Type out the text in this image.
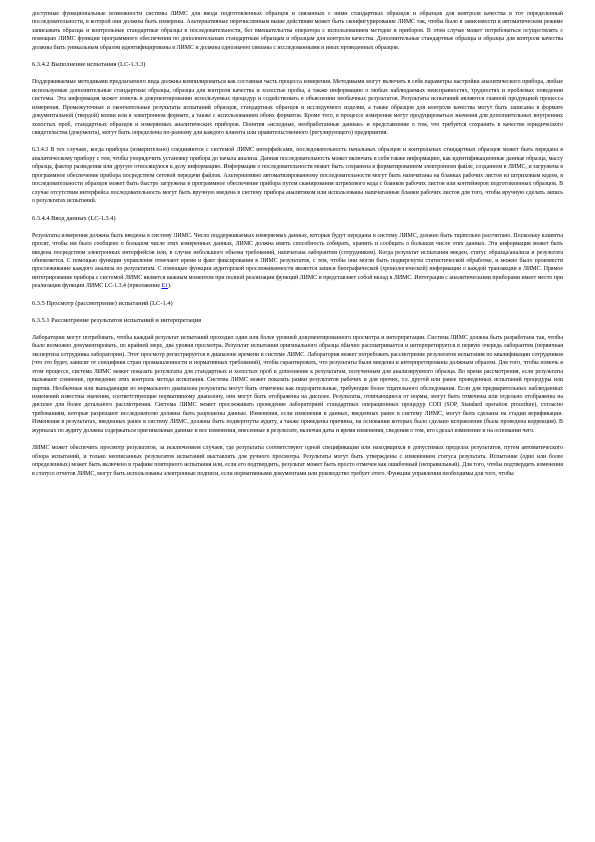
доступные функциональные возможности системы ЛИМС для ввода подготовленных образцов и связанных с ними стандартных образцов и образцов для контроля качества в тот определенный последовательности, в которой они должны быть измерены. Альтернативные перечисленным выше действиям может быть сконфигурирование ЛИМС так, чтобы было в зависимости в автоматическом режиме записывать образцы и контрольные стандартные образцы в последовательности, без вмешательства оператора с использованием методов и приборов. В этом случае может потребоваться осуществлять с помощью ЛИМС функции программного обеспечения по дополнительным стандартным образцам и образцам для контроля качества. Дополнительные стандартные образцы и образцы для контроля качества должны быть уникальным образом идентифицированы в ЛИМС и должны однозначно связаны с исследованными и иных проведенных образцов.

6.3.4.2 Выполнение испытания (LC-1.3.3)

Поддерживаемые методиками предлагаемого вида должны компилироваться как составная часть процесса измерения. Методиками могут включать в себя параметры настройки аналитического прибора, любые используемые дополнительные стандартные образцы, образцы для контроля качества и холостые пробы, а также информацию о любых наблюдаемых неисправностях, трудностях и проблемах поведении системы. Эта информация может помочь в документировании используемых процедур и содействовать в объяснении необычных результатов. Результаты испытаний являются главной продукцией процесса измерения. Промежуточные и окончательные результаты испытаний образцов, стандартных образцов и исследуемого изделия, а также образцов для контроля качества могут быть записаны в формате документальной (твердой) копии или в электронном формате, а также с использованием обоих форматов. Кроме того, в процессе измерения могут продуцироваться значения для дополнительных внутренних холостых проб, стандартных образцов и измеряемых аналитических приборов. Понятия «исходные, необработанные данные» и представление о том, что требуется сохранить в качестве юридического свидетельства (документа), могут быть определены по-разному для каждого клиента или правительственного (регулирующего) предприятия.

6.3.4.3 В тех случаях, когда приборы (измерительно) соединяются с системой ЛИМС интерфейсами, последовательность начальных образцов и контрольных стандартных образцов может быть передана в аналитическому прибору с тем, чтобы упорядочить установку прибора до начала анализа. Данная последовательность может включать в себя также информацию, как идентификационные данные образца, массу образца, фактор разведения или другую относящуюся к делу информацию. Информация о последовательности может быть сохранена в форматированном электронном файле, созданном в ЛИМС, и загружена в программное обеспечение прибора посредством сетевой передачи файлов. Альтернативно автоматизированному последовательности могут быть напечатаны на бланках рабочих листов из штриховым кодом, в последовательности образцов может быть быстро загружена в программное обеспечение прибора путем сканирования штрихового кода с бланков рабочих листов или контейнеров подготовленных образцов. В случае отсутствия интерфейса последовательность могут быть вручную введена в систему прибора аналитиком или использованы напечатанные бланки рабочих листов для того, чтобы вручную сделать запись о результатах испытаний.

6.3.4.4 Ввод данных (LC-1.3.4)

Результаты измерения должны быть введены в систему ЛИМС. Число поддерживаемых измеряемых данных, которые будут переданы в систему ЛИМС, должно быть тщательно рассчитано. Поскольку клиенты просят, чтобы им было сообщено о большом числе этих измеренных данных, ЛИМС должна иметь способность собирать, хранить и сообщать о большом числе этих данных. Эта информация может быть введена посредством электронных интерфейсов или, в случае небольшого объема требований, напечатана лаборантом (сотрудником). Когда результат испытания введен, статус образца/анализа и результата обновляется. С помощью функции управления отмечают время и факт фиксирования в ЛИМС результатов, с тем, чтобы они могли быть подвергнуты статистической обработке, и можно было произвести прослеживание каждого анализа по результатам. С помощью функции аудиторской прослеживаемости является записи биографической (хронологической) информации о каждой транзакции в ЛИМС. Прямое интегрирование прибора с системой ЛИМС является важным моментом при полной реализации функций ЛИМС и представляет собой вклад в ЛИМС. Интеграция с аналитическими приборами имеет место при реализации функции ЛИМС LC-1.3.4 (приложение E1).

6.3.5 Просмотр (рассмотрение) испытаний (LC-1.4)
6.3.5.1 Рассмотрение результатов испытаний и интерпретация

Лаборатории могут потребовать, чтобы каждый результат испытаний проходил один или более уровней документированного просмотра и интерпретации. Система ЛИМС должна быть разработана так, чтобы было возможно документировать, по крайней мере, два уровня просмотра. Результат испытания оригинального образца обычно рассматривается и интерпретируется в первую очередь лаборантом (первичная экспертиза сотрудника лаборатории). Этот просмотр регистрируется в диапазоне времени в системе ЛИМС. Лаборатория может потребовать рассмотрение результатов испытания по квалификации сотрудников (что это будет, зависит от специфики стран промышленности и нормативных требований), чтобы гарантировать, что результаты были введены и интерпретированы должным образом. Для того, чтобы помочь в этом процессе, система ЛИМС может показать результаты для стандартных и холостых проб в дополнение к результатам, полученным для анализируемого образца. Во время рассмотрения, если результаты вызывают сомнение, проведение этих контроль метода испытания. Система ЛИМС может показать рамки результатов рабочих и для прочих, т.е. другой или ранее проведенных испытаний процедуры или партии. Необычные или выпадающие из нормального диапазона результаты могут быть отмечены как подозрительные, требующие более тщательного обследования. Если для предварительных наблюдаемых изменений известны значения, соответствующие нормативному диапазону, они могут быть отображены на дисплее. Результаты, отличающиеся от нормы, могут быть отмечены или отдельно отображены на дисплее для более детального рассмотрения. Система ЛИМС может прослеживать проведение лабораторией стандартных операционных процедур СОП (SOP, Standard operation procedure), согласно требованиям, которые разрешают исследователю должны быть разрешены данные. Изменения, если изменения в данных, введенных ранее в систему ЛИМС, могут быть сделаны на стадии верификации. Изменения в результатах, введенных ранее в систему ЛИМС, должны быть подвергнуты аудиту, а также приведены причины, на основании которых было сделано исправление (была проведена коррекция). В журналах по аудиту должны содержаться оригинальные данные и все изменения, внесенные в результате, включая даты и время изменения, сведения о том, кто сделал изменение и на основании чего.

ЛИМС может обеспечить просмотр результатов, за исключением случаев, где результаты соответствуют одной спецификации или находящихся в допустимых пределах результатов, путем автоматического обзора испытаний, и только неописанных результатов испытаний выставлять для ручного просмотра. Результаты могут быть утверждены с изменением статуса результата. Испытание (одно или более определенных) может быть включено в графике повторного испытания или, если его подтвердить, результат может быть просто отмечен как ошибочный (неправильный). Для того, чтобы подтвердить изменения в статусе отчетов ЛИМС, могут быть использованы электронные подписи, если нормативными документами или руководство требует этого. Функции управления необходимы для того, чтобы
